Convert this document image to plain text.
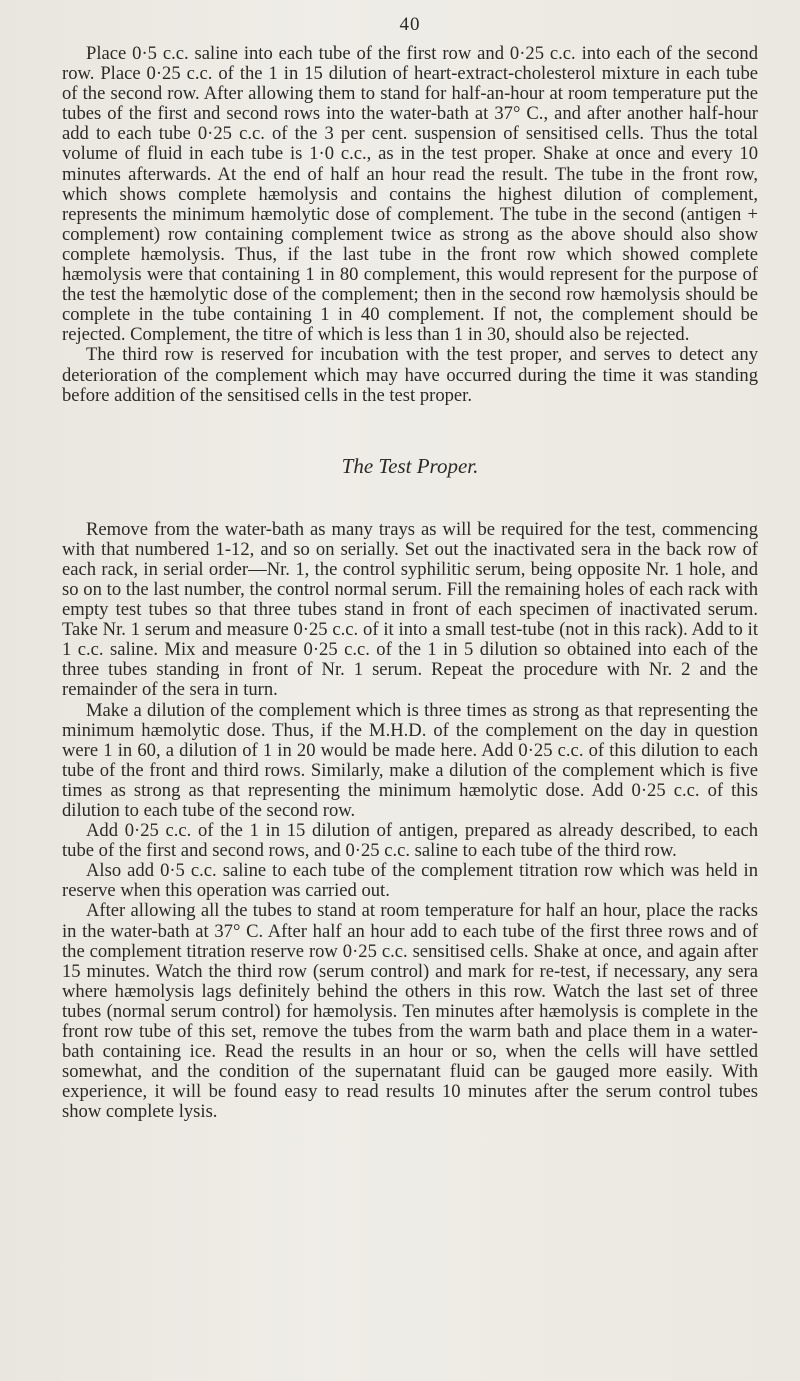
40

Place 0·5 c.c. saline into each tube of the first row and 0·25 c.c. into each of the second row. Place 0·25 c.c. of the 1 in 15 dilution of heart-extract-cholesterol mixture in each tube of the second row. After allowing them to stand for half-an-hour at room temperature put the tubes of the first and second rows into the water-bath at 37° C., and after another half-hour add to each tube 0·25 c.c. of the 3 per cent. suspension of sensitised cells. Thus the total volume of fluid in each tube is 1·0 c.c., as in the test proper. Shake at once and every 10 minutes afterwards. At the end of half an hour read the result. The tube in the front row, which shows complete hæmolysis and contains the highest dilution of complement, represents the minimum hæmolytic dose of complement. The tube in the second (antigen + complement) row containing complement twice as strong as the above should also show complete hæmolysis. Thus, if the last tube in the front row which showed complete hæmolysis were that containing 1 in 80 complement, this would represent for the purpose of the test the hæmolytic dose of the complement; then in the second row hæmolysis should be complete in the tube containing 1 in 40 complement. If not, the complement should be rejected. Complement, the titre of which is less than 1 in 30, should also be rejected.

The third row is reserved for incubation with the test proper, and serves to detect any deterioration of the complement which may have occurred during the time it was standing before addition of the sensitised cells in the test proper.

The Test Proper.

Remove from the water-bath as many trays as will be required for the test, commencing with that numbered 1-12, and so on serially. Set out the inactivated sera in the back row of each rack, in serial order—Nr. 1, the control syphilitic serum, being opposite Nr. 1 hole, and so on to the last number, the control normal serum. Fill the remaining holes of each rack with empty test tubes so that three tubes stand in front of each specimen of inactivated serum. Take Nr. 1 serum and measure 0·25 c.c. of it into a small test-tube (not in this rack). Add to it 1 c.c. saline. Mix and measure 0·25 c.c. of the 1 in 5 dilution so obtained into each of the three tubes standing in front of Nr. 1 serum. Repeat the procedure with Nr. 2 and the remainder of the sera in turn.

Make a dilution of the complement which is three times as strong as that representing the minimum hæmolytic dose. Thus, if the M.H.D. of the complement on the day in question were 1 in 60, a dilution of 1 in 20 would be made here. Add 0·25 c.c. of this dilution to each tube of the front and third rows. Similarly, make a dilution of the complement which is five times as strong as that representing the minimum hæmolytic dose. Add 0·25 c.c. of this dilution to each tube of the second row.

Add 0·25 c.c. of the 1 in 15 dilution of antigen, prepared as already described, to each tube of the first and second rows, and 0·25 c.c. saline to each tube of the third row.

Also add 0·5 c.c. saline to each tube of the complement titration row which was held in reserve when this operation was carried out.

After allowing all the tubes to stand at room temperature for half an hour, place the racks in the water-bath at 37° C. After half an hour add to each tube of the first three rows and of the complement titration reserve row 0·25 c.c. sensitised cells. Shake at once, and again after 15 minutes. Watch the third row (serum control) and mark for re-test, if necessary, any sera where hæmolysis lags definitely behind the others in this row. Watch the last set of three tubes (normal serum control) for hæmolysis. Ten minutes after hæmolysis is complete in the front row tube of this set, remove the tubes from the warm bath and place them in a water-bath containing ice. Read the results in an hour or so, when the cells will have settled somewhat, and the condition of the supernatant fluid can be gauged more easily. With experience, it will be found easy to read results 10 minutes after the serum control tubes show complete lysis.
